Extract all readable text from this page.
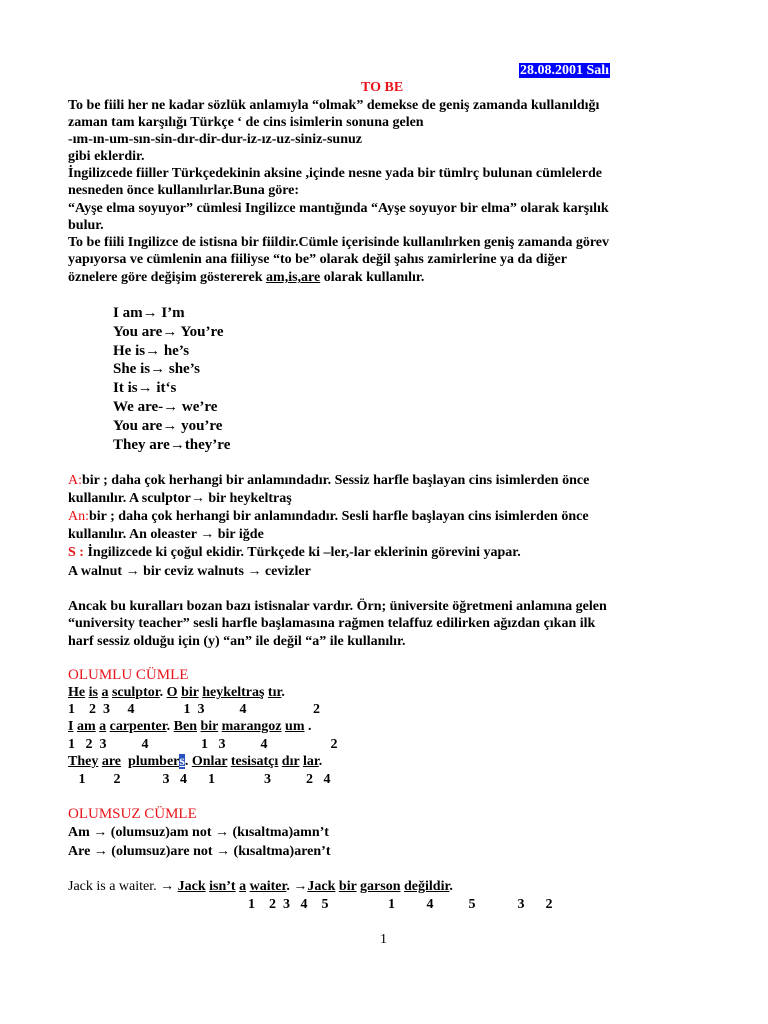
28.08.2001 Salı
TO BE
To be fiili her ne kadar sözlük anlamıyla “olmak” demekse de geniş zamanda kullanıldığı
zaman tam karşılığı Türkçe ‘ de cins isimlerin sonuna gelen
-ım-ın-um-sın-sin-dır-dir-dur-iz-ız-uz-siniz-sunuz
gibi eklerdir.
İngilizcede fiiller Türkçedekinin aksine ,içinde nesne yada bir tümlrç bulunan cümlelerde
nesneden önce kullanılırlar.Buna göre:
“Ayşe elma soyuyor” cümlesi Ingilizce mantığında “Ayşe soyuyor bir elma” olarak karşılık
bulur.
To be fiili Ingilizce de istisna bir fiildir.Cümle içerisinde kullanılırken geniş zamanda görev
yapıyorsa ve cümlenin ana fiiliyse “to be” olarak değil şahıs zamirlerine ya da diğer
öznelere göre değişim göstererek am,is,are olarak kullanılır.
I am→ I’m
You are→ You’re
He is→ he’s
She is→ she’s
It is→ it‘s
We are-→ we’re
You are→ you’re
They are→they’re
A:bir ; daha çok herhangi bir anlamındadır. Sessiz harfle başlayan cins isimlerden önce
kullanılır. A sculptor→ bir heykeltraş
An:bir ; daha çok herhangi bir anlamındadır. Sesli harfle başlayan cins isimlerden önce
kullanılır. An oleaster → bir iğde
S : İngilizcede ki çoğul ekidir. Türkçede ki –ler,-lar eklerinin görevini yapar.
A walnut → bir ceviz walnuts → cevizler
Ancak bu kuralları bozan bazı istisnalar vardır. Örn; üniversite öğretmeni anlamına gelen
“university teacher” sesli harfle başlamasına rağmen telaffuz edilirken ağızdan çıkan ilk
harf sessiz olduğu için (y) “an” ile değil “a” ile kullanılır.
OLUMLU CÜMLE
He is a sculptor. O bir heykeltraş tır.
1    2  3     4              1  3          4                   2
I am a carpenter. Ben bir marangoz um .
1   2  3          4               1   3          4                  2
They are plumbers. Onlar tesisatçı dır lar.
1        2            3   4      1              3          2   4
OLUMSUZ CÜMLE
Am → (olumsuz)am not → (kısaltma)amn’t
Are → (olumsuz)are not → (kısaltma)aren’t
Jack is a waiter. → Jack isn’t a waiter. →Jack bir garson değildir.
1    2  3   4    5                 1         4          5            3      2
1
